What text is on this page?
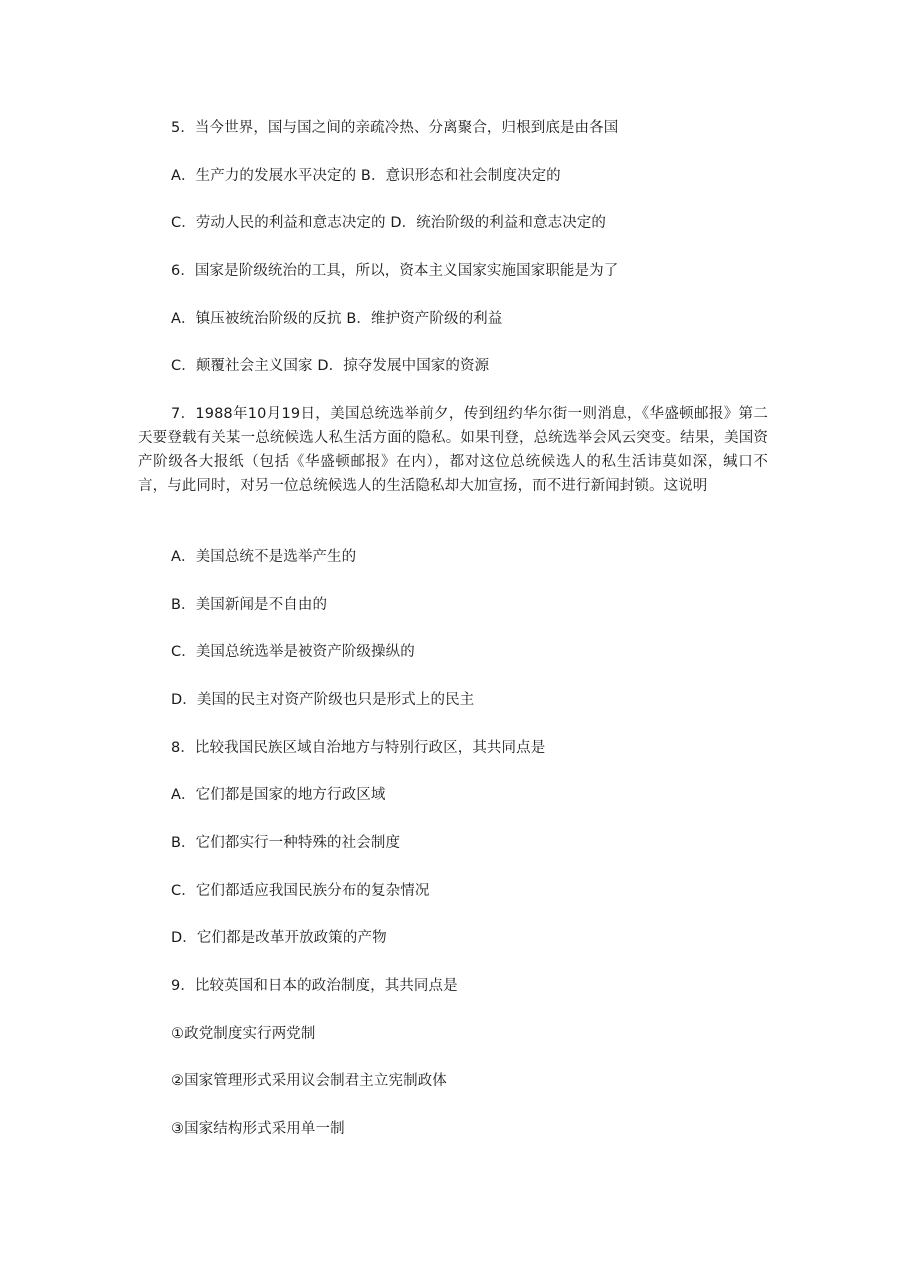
5．当今世界，国与国之间的亲疏冷热、分离聚合，归根到底是由各国
A．生产力的发展水平决定的 B．意识形态和社会制度决定的
C．劳动人民的利益和意志决定的 D．统治阶级的利益和意志决定的
6．国家是阶级统治的工具，所以，资本主义国家实施国家职能是为了
A．镇压被统治阶级的反抗 B．维护资产阶级的利益
C．颠覆社会主义国家 D．掠夺发展中国家的资源
7．1988年10月19日，美国总统选举前夕，传到纽约华尔街一则消息，《华盛顿邮报》第二天要登载有关某一总统候选人私生活方面的隐私。如果刊登，总统选举会风云突变。结果，美国资产阶级各大报纸（包括《华盛顿邮报》在内），都对这位总统候选人的私生活讳莫如深，缄口不言，与此同时，对另一位总统候选人的生活隐私却大加宣扬，而不进行新闻封锁。这说明
A．美国总统不是选举产生的
B．美国新闻是不自由的
C．美国总统选举是被资产阶级操纵的
D．美国的民主对资产阶级也只是形式上的民主
8．比较我国民族区域自治地方与特别行政区，其共同点是
A．它们都是国家的地方行政区域
B．它们都实行一种特殊的社会制度
C．它们都适应我国民族分布的复杂情况
D．它们都是改革开放政策的产物
9．比较英国和日本的政治制度，其共同点是
①政党制度实行两党制
②国家管理形式采用议会制君主立宪制政体
③国家结构形式采用单一制
